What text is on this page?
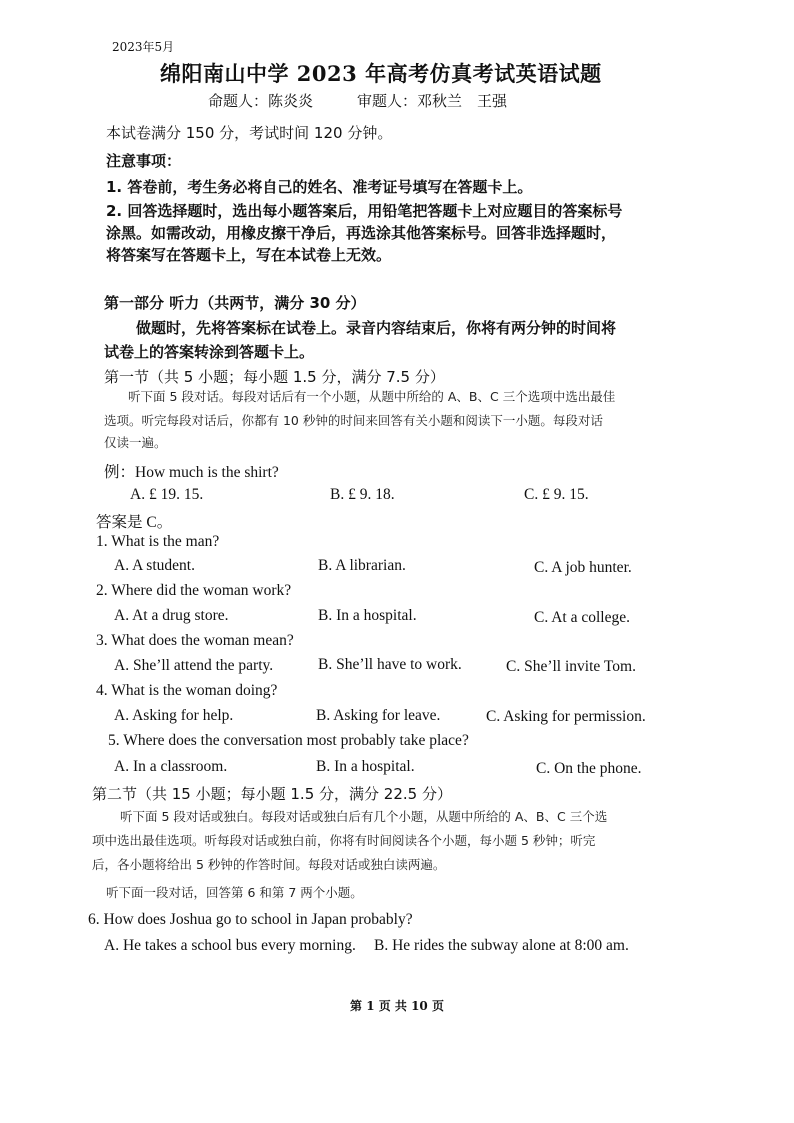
2023年5月
绵阳南山中学 2023 年高考仿真考试英语试题
命题人：陈炎炎	审题人：邓秋兰　王强
本试卷满分 150 分，考试时间 120 分钟。
注意事项：
1. 答卷前，考生务必将自己的姓名、准考证号填写在答题卡上。
2. 回答选择题时，选出每小题答案后，用铅笔把答题卡上对应题目的答案标号
涂黑。如需改动，用橡皮擦干净后，再选涂其他答案标号。回答非选择题时，
将答案写在答题卡上，写在本试卷上无效。
第一部分 听力（共两节，满分 30 分）
做题时，先将答案标在试卷上。录音内容结束后，你将有两分钟的时间将
试卷上的答案转涂到答题卡上。
第一节（共 5 小题；每小题 1.5 分，满分 7.5 分）
听下面 5 段对话。每段对话后有一个小题，从题中所给的 A、B、C 三个选项中选出最佳
选项。听完每段对话后，你都有 10 秒钟的时间来回答有关小题和阅读下一小题。每段对话
仅读一遍。
例：How much is the shirt?
A. £ 19. 15.	B. £ 9. 18.	C. £ 9. 15.
答案是 C。
1. What is the man?
A. A student.	B. A librarian.	C. A job hunter.
2. Where did the woman work?
A. At a drug store.	B. In a hospital.	C. At a college.
3. What does the woman mean?
A. She’ll attend the party.	B. She’ll have to work.	C. She’ll invite Tom.
4. What is the woman doing?
A. Asking for help.	B. Asking for leave.	C. Asking for permission.
5. Where does the conversation most probably take place?
A. In a classroom.	B. In a hospital.	C. On the phone.
第二节（共 15 小题；每小题 1.5 分，满分 22.5 分）
听下面 5 段对话或独白。每段对话或独白后有几个小题，从题中所给的 A、B、C 三个选
项中选出最佳选项。听每段对话或独白前，你将有时间阅读各个小题，每小题 5 秒钟；听完
后，各小题将给出 5 秒钟的作答时间。每段对话或独白读两遍。
听下面一段对话，回答第 6 和第 7 两个小题。
6. How does Joshua go to school in Japan probably?
A. He takes a school bus every morning. B. He rides the subway alone at 8:00 am.
第 1 页 共 10 页
